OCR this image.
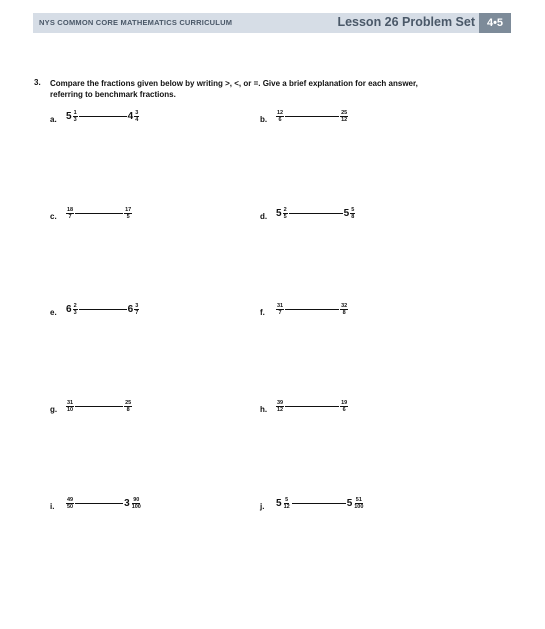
NYS COMMON CORE MATHEMATICS CURRICULUM	Lesson 26 Problem Set	4•5
3. Compare the fractions given below by writing >, <, or =. Give a brief explanation for each answer,
referring to benchmark fractions.
a. $5 \frac{1}{3}$	$4 \frac{3}{4}$	b. $\frac{12}{6}$	$\frac{25}{12}$
c. $\frac{18}{7}$	$\frac{17}{5}$	d. $5 \frac{2}{5}$	$5 \frac{5}{8}$
e. $6 \frac{2}{3}$	$6 \frac{3}{7}$	f. $\frac{31}{7}$	$\frac{32}{8}$
g. $\frac{31}{10}$	$\frac{25}{8}$	h. $\frac{39}{12}$	$\frac{19}{6}$
i. $\frac{49}{50}$	$3 \frac{90}{100}$	j. $5 \frac{5}{12}$	$5 \frac{51}{100}$
